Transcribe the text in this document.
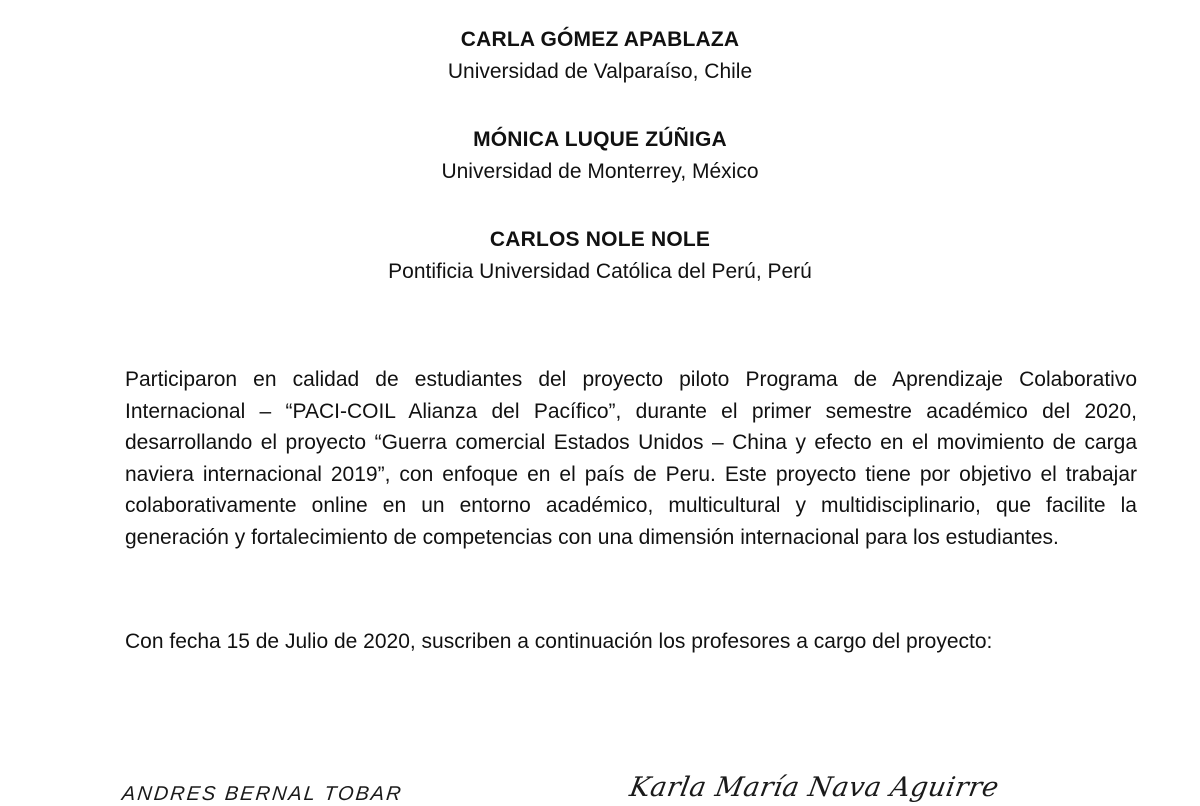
CARLA GÓMEZ APABLAZA
Universidad de Valparaíso, Chile
MÓNICA LUQUE ZÚÑIGA
Universidad de Monterrey, México
CARLOS NOLE NOLE
Pontificia Universidad Católica del Perú, Perú

Participaron en calidad de estudiantes del proyecto piloto Programa de Aprendizaje Colaborativo Internacional – “PACI-COIL Alianza del Pacífico”, durante el primer semestre académico del 2020, desarrollando el proyecto “Guerra comercial Estados Unidos – China y efecto en el movimiento de carga naviera internacional 2019”, con enfoque en el país de Peru. Este proyecto tiene por objetivo el trabajar colaborativamente online en un entorno académico, multicultural y multidisciplinario, que facilite la generación y fortalecimiento de competencias con una dimensión internacional para los estudiantes.

Con fecha 15 de Julio de 2020, suscriben a continuación los profesores a cargo del proyecto:

ANDRES BERNAL TOBAR	Karla María Nava Aguirre
